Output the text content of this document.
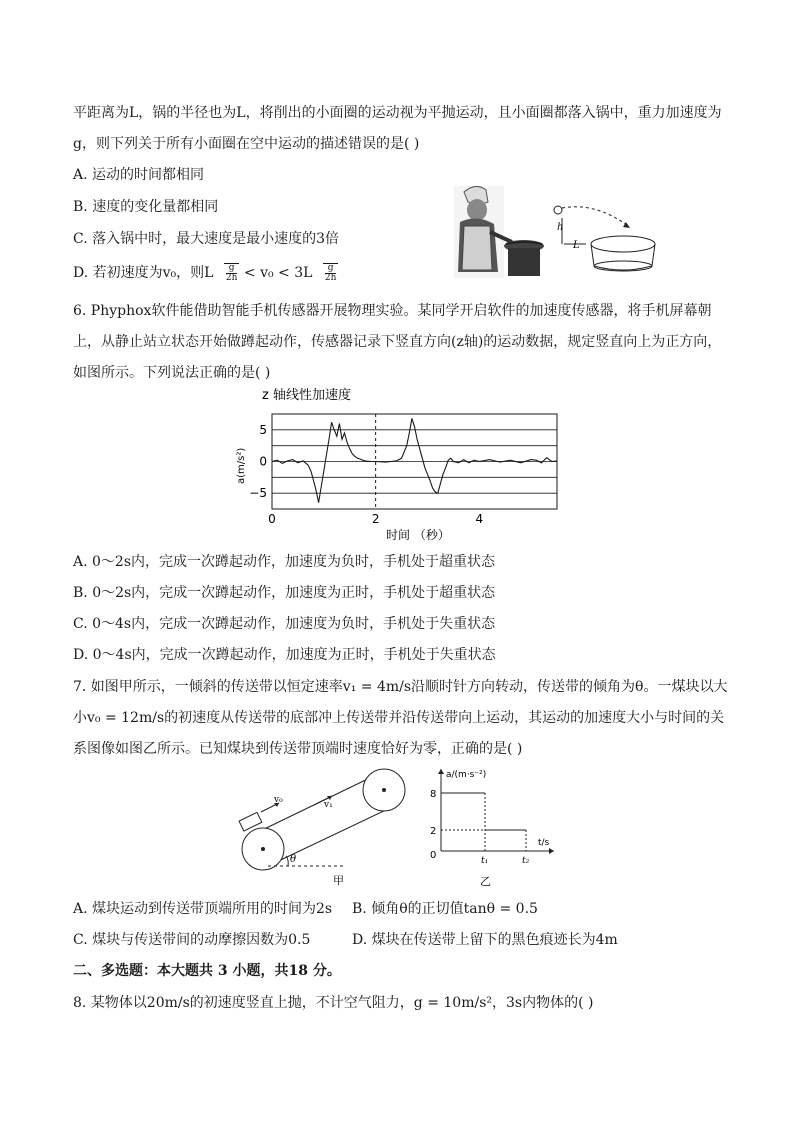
平距离为L，锅的半径也为L，将削出的小面圈的运动视为平抛运动，且小面圈都落入锅中，重力加速度为
g，则下列关于所有小面圈在空中运动的描述错误的是( )
A. 运动的时间都相同
B. 速度的变化量都相同
C. 落入锅中时，最大速度是最小速度的3倍
D. 若初速度为v₀，则L $\frac{g}{2h} < v_0 < 3L \frac{g}{2h}$
h
L
6. Phyphox软件能借助智能手机传感器开展物理实验。某同学开启软件的加速度传感器，将手机屏幕朝
上，从静止站立状态开始做蹲起动作，传感器记录下竖直方向(z轴)的运动数据，规定竖直向上为正方向，
如图所示。下列说法正确的是( )
z 轴线性加速度
a(m/s²)
时间 （秒）
5
0
−5
0	2	4
A. 0～2s内，完成一次蹲起动作，加速度为负时，手机处于超重状态
B. 0～2s内，完成一次蹲起动作，加速度为正时，手机处于超重状态
C. 0～4s内，完成一次蹲起动作，加速度为负时，手机处于失重状态
D. 0～4s内，完成一次蹲起动作，加速度为正时，手机处于失重状态
7. 如图甲所示，一倾斜的传送带以恒定速率v₁ = 4m/s沿顺时针方向转动，传送带的倾角为θ。一煤块以大
小v₀ = 12m/s的初速度从传送带的底部冲上传送带并沿传送带向上运动，其运动的加速度大小与时间的关
系图像如图乙所示。已知煤块到传送带顶端时速度恰好为零，正确的是( )
v₀	v₁
θ
甲
a/(m·s⁻²)
t/s
8
2
0	t₁	t₂
乙
A. 煤块运动到传送带顶端所用的时间为2s B. 倾角θ的正切值tanθ = 0.5
C. 煤块与传送带间的动摩擦因数为0.5	D. 煤块在传送带上留下的黑色痕迹长为4m
二、多选题：本大题共 3 小题，共18 分。
8. 某物体以20m/s的初速度竖直上抛，不计空气阻力，g = 10m/s²，3s内物体的( )
